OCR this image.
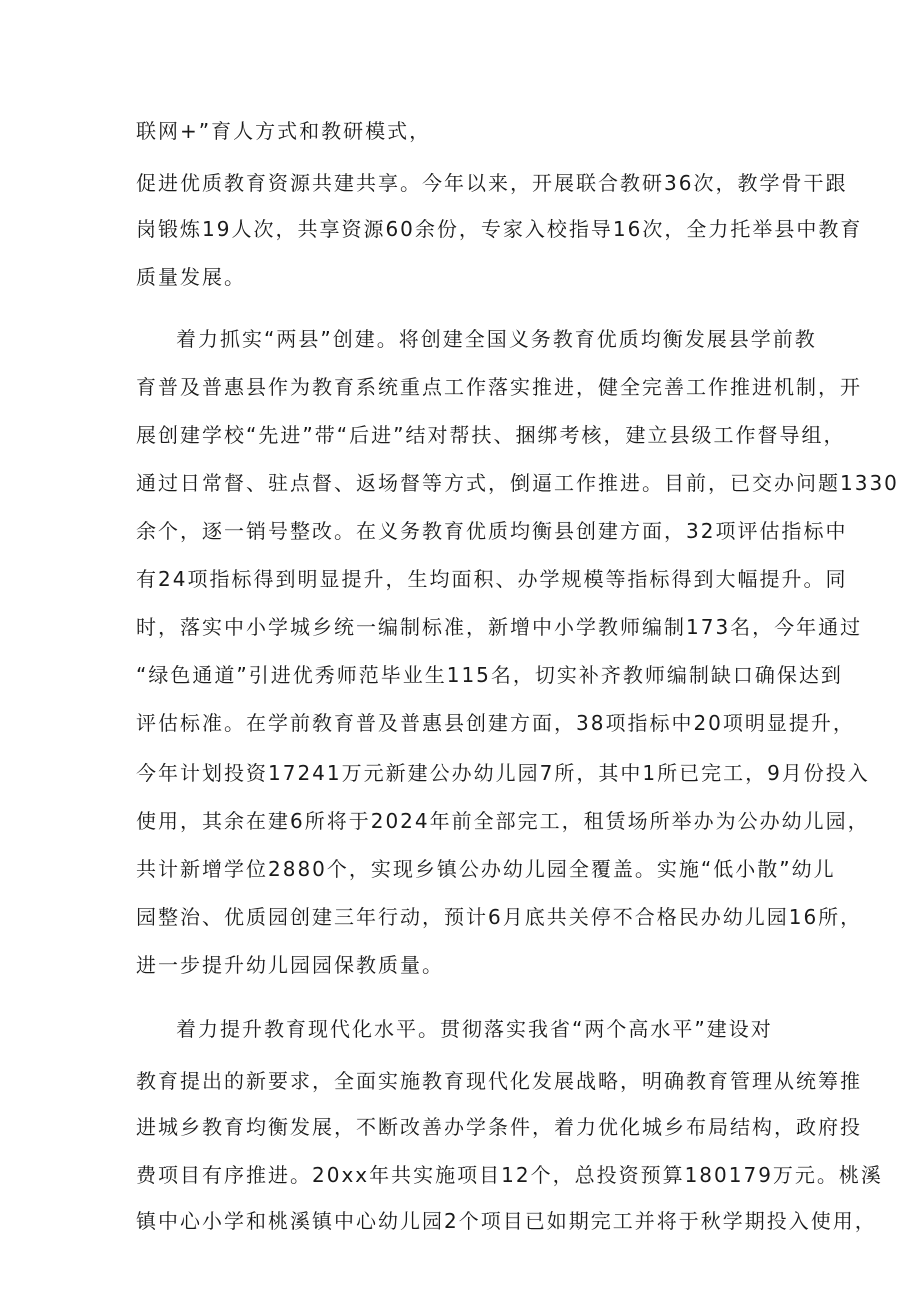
联网+”育人方式和教研模式，
促进优质教育资源共建共享。今年以来，开展联合教研36次，教学骨干跟
岗锻炼19人次，共享资源60余份，专家入校指导16次，全力托举县中教育
质量发展。
着力抓实“两县”创建。将创建全国义务教育优质均衡发展县学前教
育普及普惠县作为教育系统重点工作落实推进，健全完善工作推进机制，开
展创建学校“先进”带“后进”结对帮扶、捆绑考核，建立县级工作督导组，
通过日常督、驻点督、返场督等方式，倒逼工作推进。目前，已交办问题1330
余个，逐一销号整改。在义务教育优质均衡县创建方面，32项评估指标中
有24项指标得到明显提升，生均面积、办学规模等指标得到大幅提升。同
时，落实中小学城乡统一编制标准，新增中小学教师编制173名，今年通过
“绿色通道”引进优秀师范毕业生115名，切实补齐教师编制缺口确保达到
评估标准。在学前敎育普及普惠县创建方面，38项指标中20项明显提升，
今年计划投资17241万元新建公办幼儿园7所，其中1所已完工，9月份投入
使用，其余在建6所将于2024年前全部完工，租赁场所举办为公办幼儿园，
共计新增学位2880个，实现乡镇公办幼儿园全覆盖。实施“低小散”幼儿
园整治、优质园创建三年行动，预计6月底共关停不合格民办幼儿园16所，
进一步提升幼儿园园保教质量。
着力提升教育现代化水平。贯彻落实我省“两个高水平”建设对
教育提出的新要求，全面实施教育现代化发展战略，明确教育管理从统筹推
进城乡教育均衡发展，不断改善办学条件，着力优化城乡布局结构，政府投
费项目有序推进。20xx年共实施项目12个，总投资预算180179万元。桃溪
镇中心小学和桃溪镇中心幼儿园2个项目已如期完工并将于秋学期投入使用，
